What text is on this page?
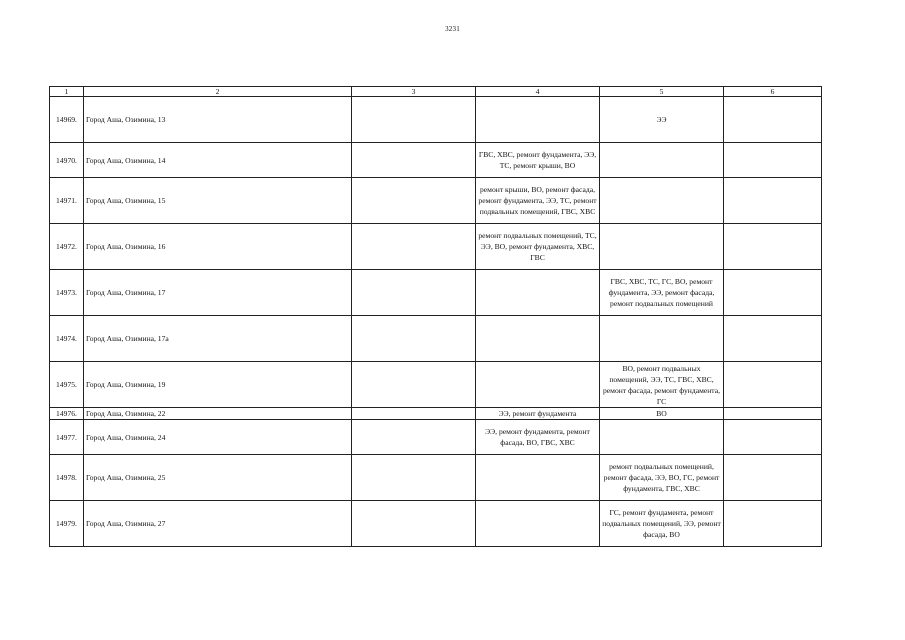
3231
1	2	3	4	5	6
14969.	Город Аша, Озимина, 13			ЭЭ	
14970.	Город Аша, Озимина, 14		ГВС, ХВС, ремонт фундамента, ЭЭ, ТС, ремонт крыши, ВО		
14971.	Город Аша, Озимина, 15		ремонт крыши, ВО, ремонт фасада, ремонт фундамента, ЭЭ, ТС, ремонт подвальных помещений, ГВС, ХВС		
14972.	Город Аша, Озимина, 16		ремонт подвальных помещений, ТС, ЭЭ, ВО, ремонт фундамента, ХВС, ГВС		
14973.	Город Аша, Озимина, 17			ГВС, ХВС, ТС, ГС, ВО, ремонт фундамента, ЭЭ, ремонт фасада, ремонт подвальных помещений	
14974.	Город Аша, Озимина, 17а				
14975.	Город Аша, Озимина, 19			ВО, ремонт подвальных помещений, ЭЭ, ТС, ГВС, ХВС, ремонт фасада, ремонт фундамента, ГС	
14976.	Город Аша, Озимина, 22		ЭЭ, ремонт фундамента	ВО	
14977.	Город Аша, Озимина, 24		ЭЭ, ремонт фундамента, ремонт фасада, ВО, ГВС, ХВС		
14978.	Город Аша, Озимина, 25			ремонт подвальных помещений, ремонт фасада, ЭЭ, ВО, ГС, ремонт фундамента, ГВС, ХВС	
14979.	Город Аша, Озимина, 27			ГС, ремонт фундамента, ремонт подвальных помещений, ЭЭ, ремонт фасада, ВО	
